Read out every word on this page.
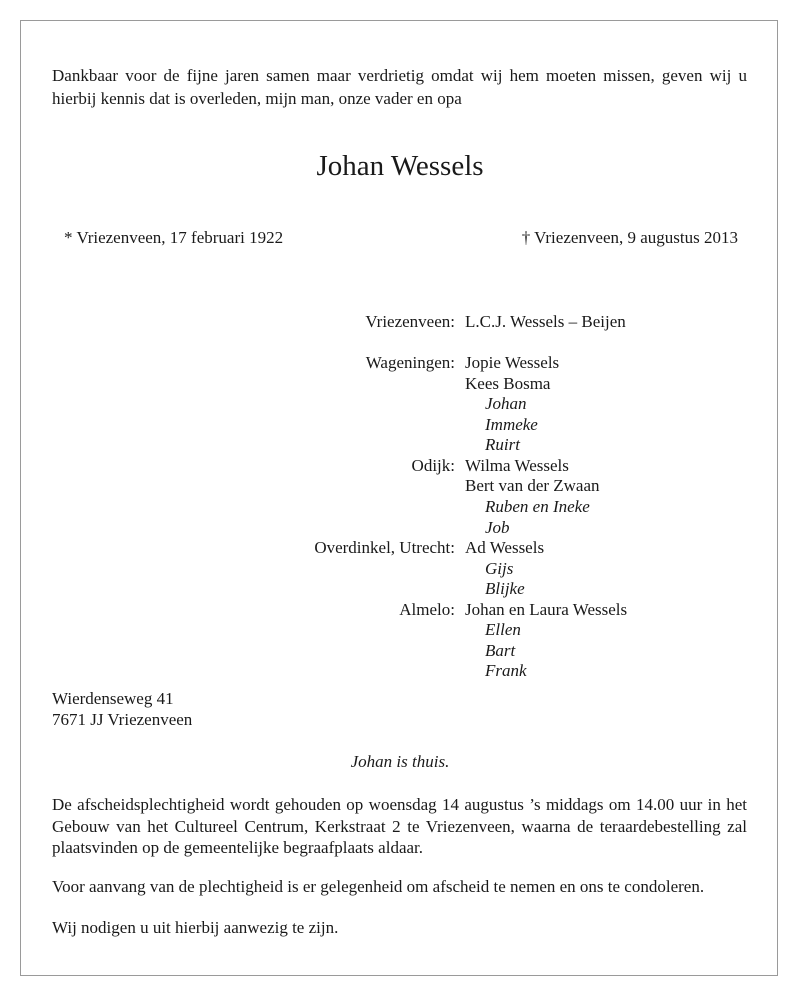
Dankbaar voor de fijne jaren samen maar verdrietig omdat wij hem moeten missen, geven wij u hierbij kennis dat is overleden, mijn man, onze vader en opa
Johan Wessels
* Vriezenveen, 17 februari 1922	† Vriezenveen, 9 augustus 2013
Vriezenveen: L.C.J. Wessels – Beijen
Wageningen: Jopie Wessels
Kees Bosma
Johan
Immeke
Ruirt
Odijk: Wilma Wessels
Bert van der Zwaan
Ruben en Ineke
Job
Overdinkel, Utrecht: Ad Wessels
Gijs
Blijke
Almelo: Johan en Laura Wessels
Ellen
Bart
Frank
Wierdenseweg 41
7671 JJ Vriezenveen
Johan is thuis.
De afscheidsplechtigheid wordt gehouden op woensdag 14 augustus ’s middags om 14.00 uur in het Gebouw van het Cultureel Centrum, Kerkstraat 2 te Vriezenveen, waarna de teraardebestelling zal plaatsvinden op de gemeentelijke begraafplaats aldaar.
Voor aanvang van de plechtigheid is er gelegenheid om afscheid te nemen en ons te condoleren.
Wij nodigen u uit hierbij aanwezig te zijn.
